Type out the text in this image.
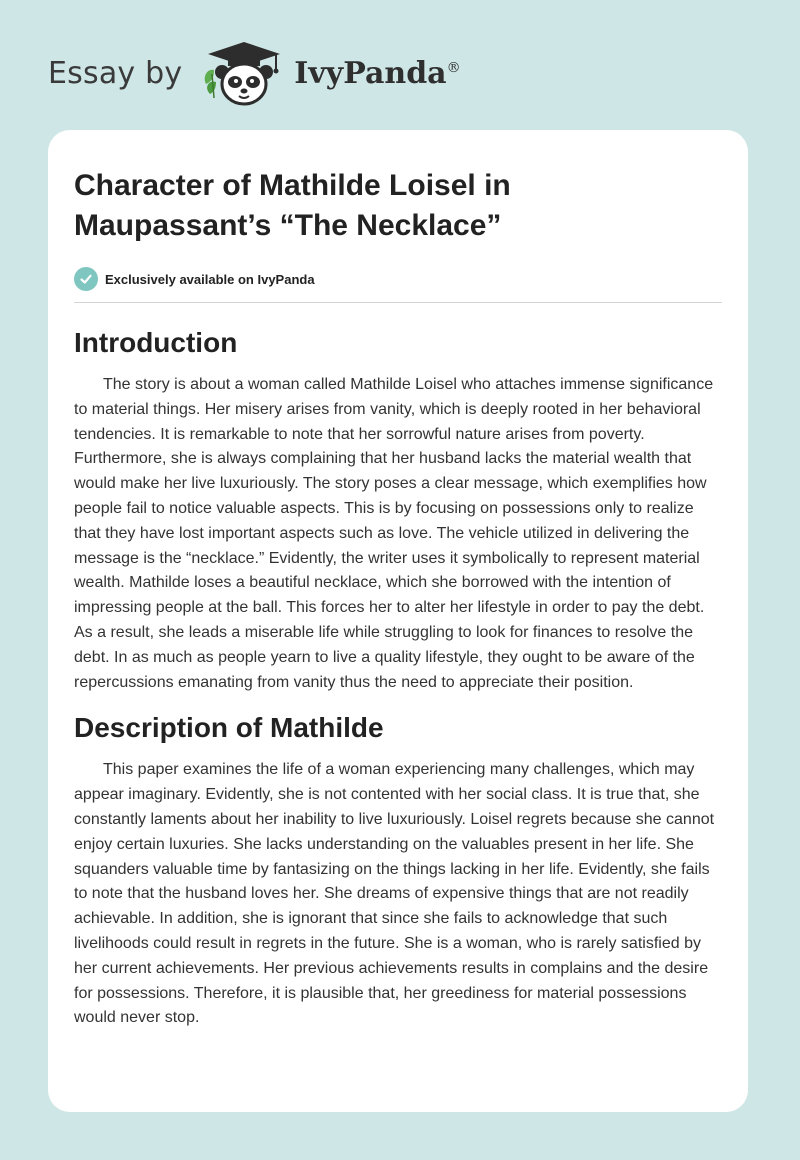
Essay by	IvyPanda®
Character of Mathilde Loisel in Maupassant’s “The Necklace”
Exclusively available on IvyPanda
Introduction

The story is about a woman called Mathilde Loisel who attaches immense significance to material things. Her misery arises from vanity, which is deeply rooted in her behavioral tendencies. It is remarkable to note that her sorrowful nature arises from poverty. Furthermore, she is always complaining that her husband lacks the material wealth that would make her live luxuriously. The story poses a clear message, which exemplifies how people fail to notice valuable aspects. This is by focusing on possessions only to realize that they have lost important aspects such as love. The vehicle utilized in delivering the message is the “necklace.” Evidently, the writer uses it symbolically to represent material wealth. Mathilde loses a beautiful necklace, which she borrowed with the intention of impressing people at the ball. This forces her to alter her lifestyle in order to pay the debt. As a result, she leads a miserable life while struggling to look for finances to resolve the debt. In as much as people yearn to live a quality lifestyle, they ought to be aware of the repercussions emanating from vanity thus the need to appreciate their position.

Description of Mathilde

This paper examines the life of a woman experiencing many challenges, which may appear imaginary. Evidently, she is not contented with her social class. It is true that, she constantly laments about her inability to live luxuriously. Loisel regrets because she cannot enjoy certain luxuries. She lacks understanding on the valuables present in her life. She squanders valuable time by fantasizing on the things lacking in her life. Evidently, she fails to note that the husband loves her. She dreams of expensive things that are not readily achievable. In addition, she is ignorant that since she fails to acknowledge that such livelihoods could result in regrets in the future. She is a woman, who is rarely satisfied by her current achievements. Her previous achievements results in complains and the desire for possessions. Therefore, it is plausible that, her greediness for material possessions would never stop.
